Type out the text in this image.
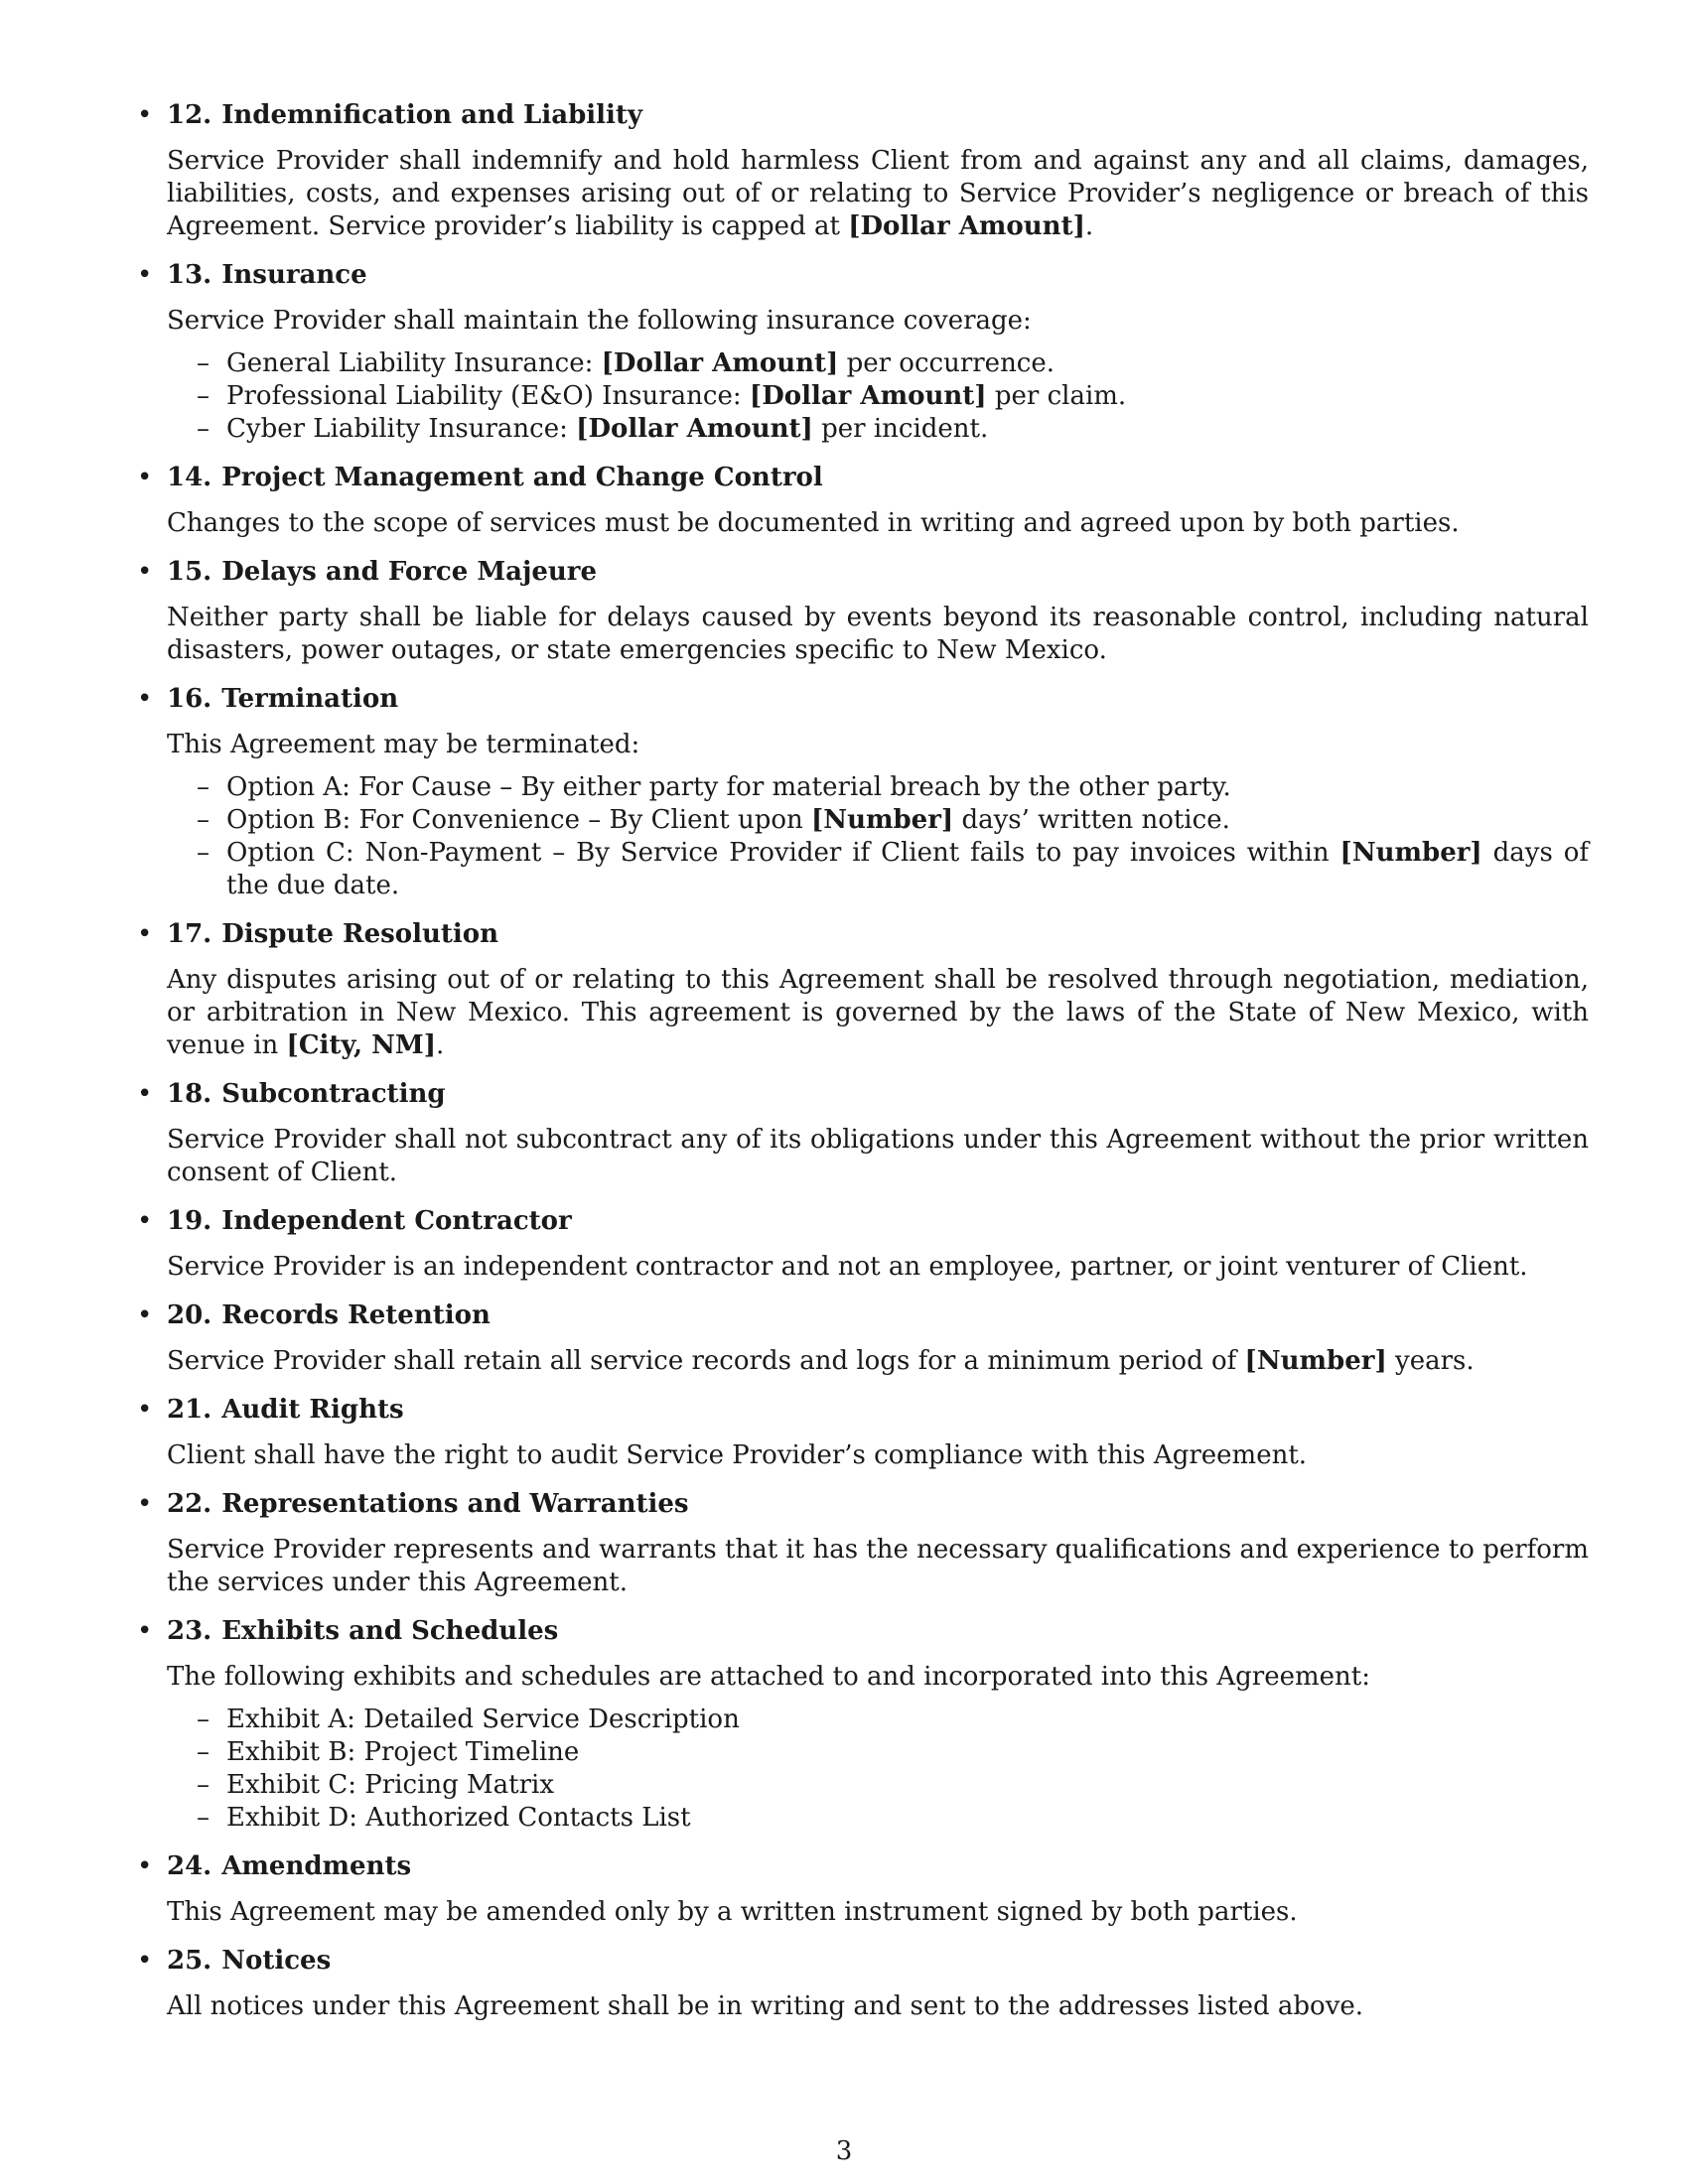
• 12. Indemnification and Liability

Service Provider shall indemnify and hold harmless Client from and against any and all claims, damages, liabilities, costs, and expenses arising out of or relating to Service Provider’s negligence or breach of this Agreement. Service provider’s liability is capped at [Dollar Amount].

• 13. Insurance

Service Provider shall maintain the following insurance coverage:

– General Liability Insurance: [Dollar Amount] per occurrence.
– Professional Liability (E&O) Insurance: [Dollar Amount] per claim.
– Cyber Liability Insurance: [Dollar Amount] per incident.
• 14. Project Management and Change Control

Changes to the scope of services must be documented in writing and agreed upon by both parties.

• 15. Delays and Force Majeure

Neither party shall be liable for delays caused by events beyond its reasonable control, including natural disasters, power outages, or state emergencies specific to New Mexico.

• 16. Termination

This Agreement may be terminated:

– Option A: For Cause – By either party for material breach by the other party.
– Option B: For Convenience – By Client upon [Number] days’ written notice.
– Option C: Non-Payment – By Service Provider if Client fails to pay invoices within [Number] days of the due date.
• 17. Dispute Resolution

Any disputes arising out of or relating to this Agreement shall be resolved through negotiation, mediation, or arbitration in New Mexico. This agreement is governed by the laws of the State of New Mexico, with venue in [City, NM].

• 18. Subcontracting

Service Provider shall not subcontract any of its obligations under this Agreement without the prior written consent of Client.

• 19. Independent Contractor

Service Provider is an independent contractor and not an employee, partner, or joint venturer of Client.

• 20. Records Retention

Service Provider shall retain all service records and logs for a minimum period of [Number] years.

• 21. Audit Rights

Client shall have the right to audit Service Provider’s compliance with this Agreement.

• 22. Representations and Warranties

Service Provider represents and warrants that it has the necessary qualifications and experience to perform the services under this Agreement.

• 23. Exhibits and Schedules

The following exhibits and schedules are attached to and incorporated into this Agreement:

– Exhibit A: Detailed Service Description
– Exhibit B: Project Timeline
– Exhibit C: Pricing Matrix
– Exhibit D: Authorized Contacts List
• 24. Amendments

This Agreement may be amended only by a written instrument signed by both parties.

• 25. Notices

All notices under this Agreement shall be in writing and sent to the addresses listed above.

3
